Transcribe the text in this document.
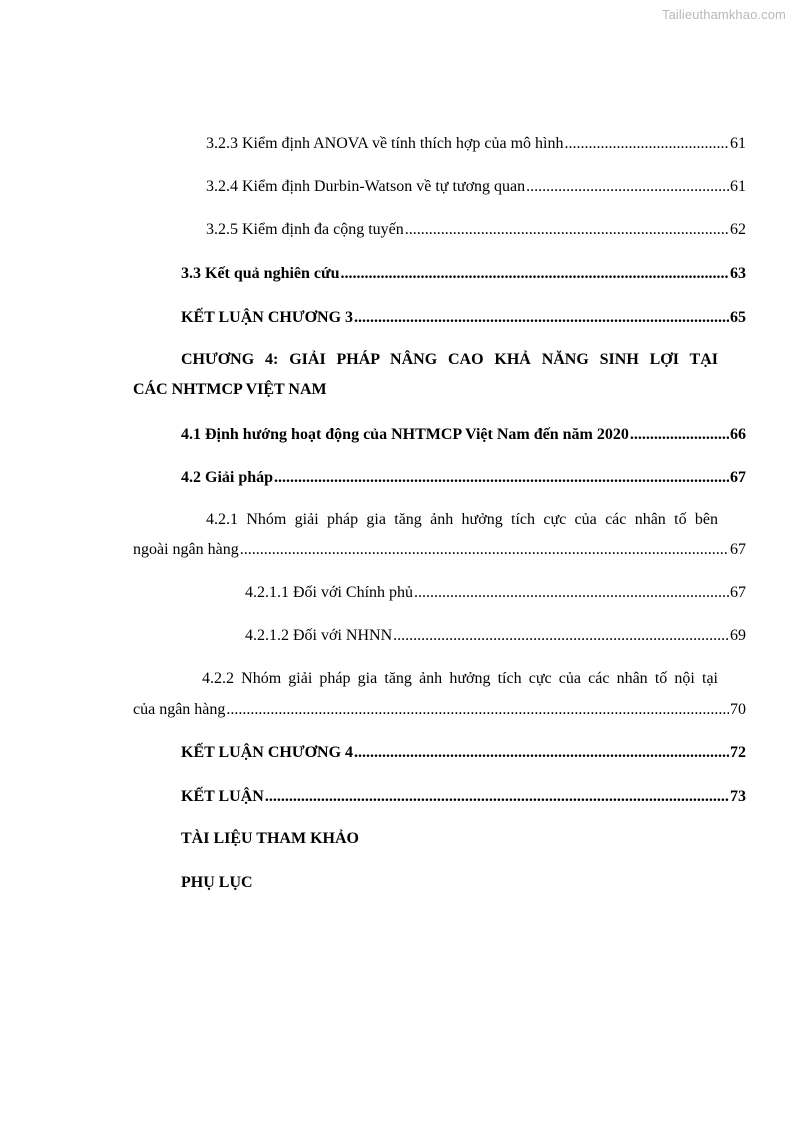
Tailieuthamkhao.com
3.2.3 Kiểm định ANOVA về tính thích hợp của mô hình .....	61
3.2.4 Kiểm định Durbin-Watson về tự tương quan .....	61
3.2.5 Kiểm định đa cộng tuyến .....	62
3.3 Kết quả nghiên cứu .....	63
KẾT LUẬN CHƯƠNG 3 .....	65
CHƯƠNG 4: GIẢI PHÁP NÂNG CAO KHẢ NĂNG SINH LỢI TẠI
CÁC NHTMCP VIỆT NAM
4.1 Định hướng hoạt động của NHTMCP Việt Nam đến năm 2020 .....	66
4.2 Giải pháp .....	67
4.2.1 Nhóm giải pháp gia tăng ảnh hưởng tích cực của các nhân tố bên
ngoài ngân hàng .....	67
4.2.1.1 Đối với Chính phủ .....	67
4.2.1.2 Đối với NHNN .....	69
4.2.2 Nhóm giải pháp gia tăng ảnh hưởng tích cực của các nhân tố nội tại
của ngân hàng .....	70
KẾT LUẬN CHƯƠNG 4 .....	72
KẾT LUẬN .....	73
TÀI LIỆU THAM KHẢO
PHỤ LỤC
